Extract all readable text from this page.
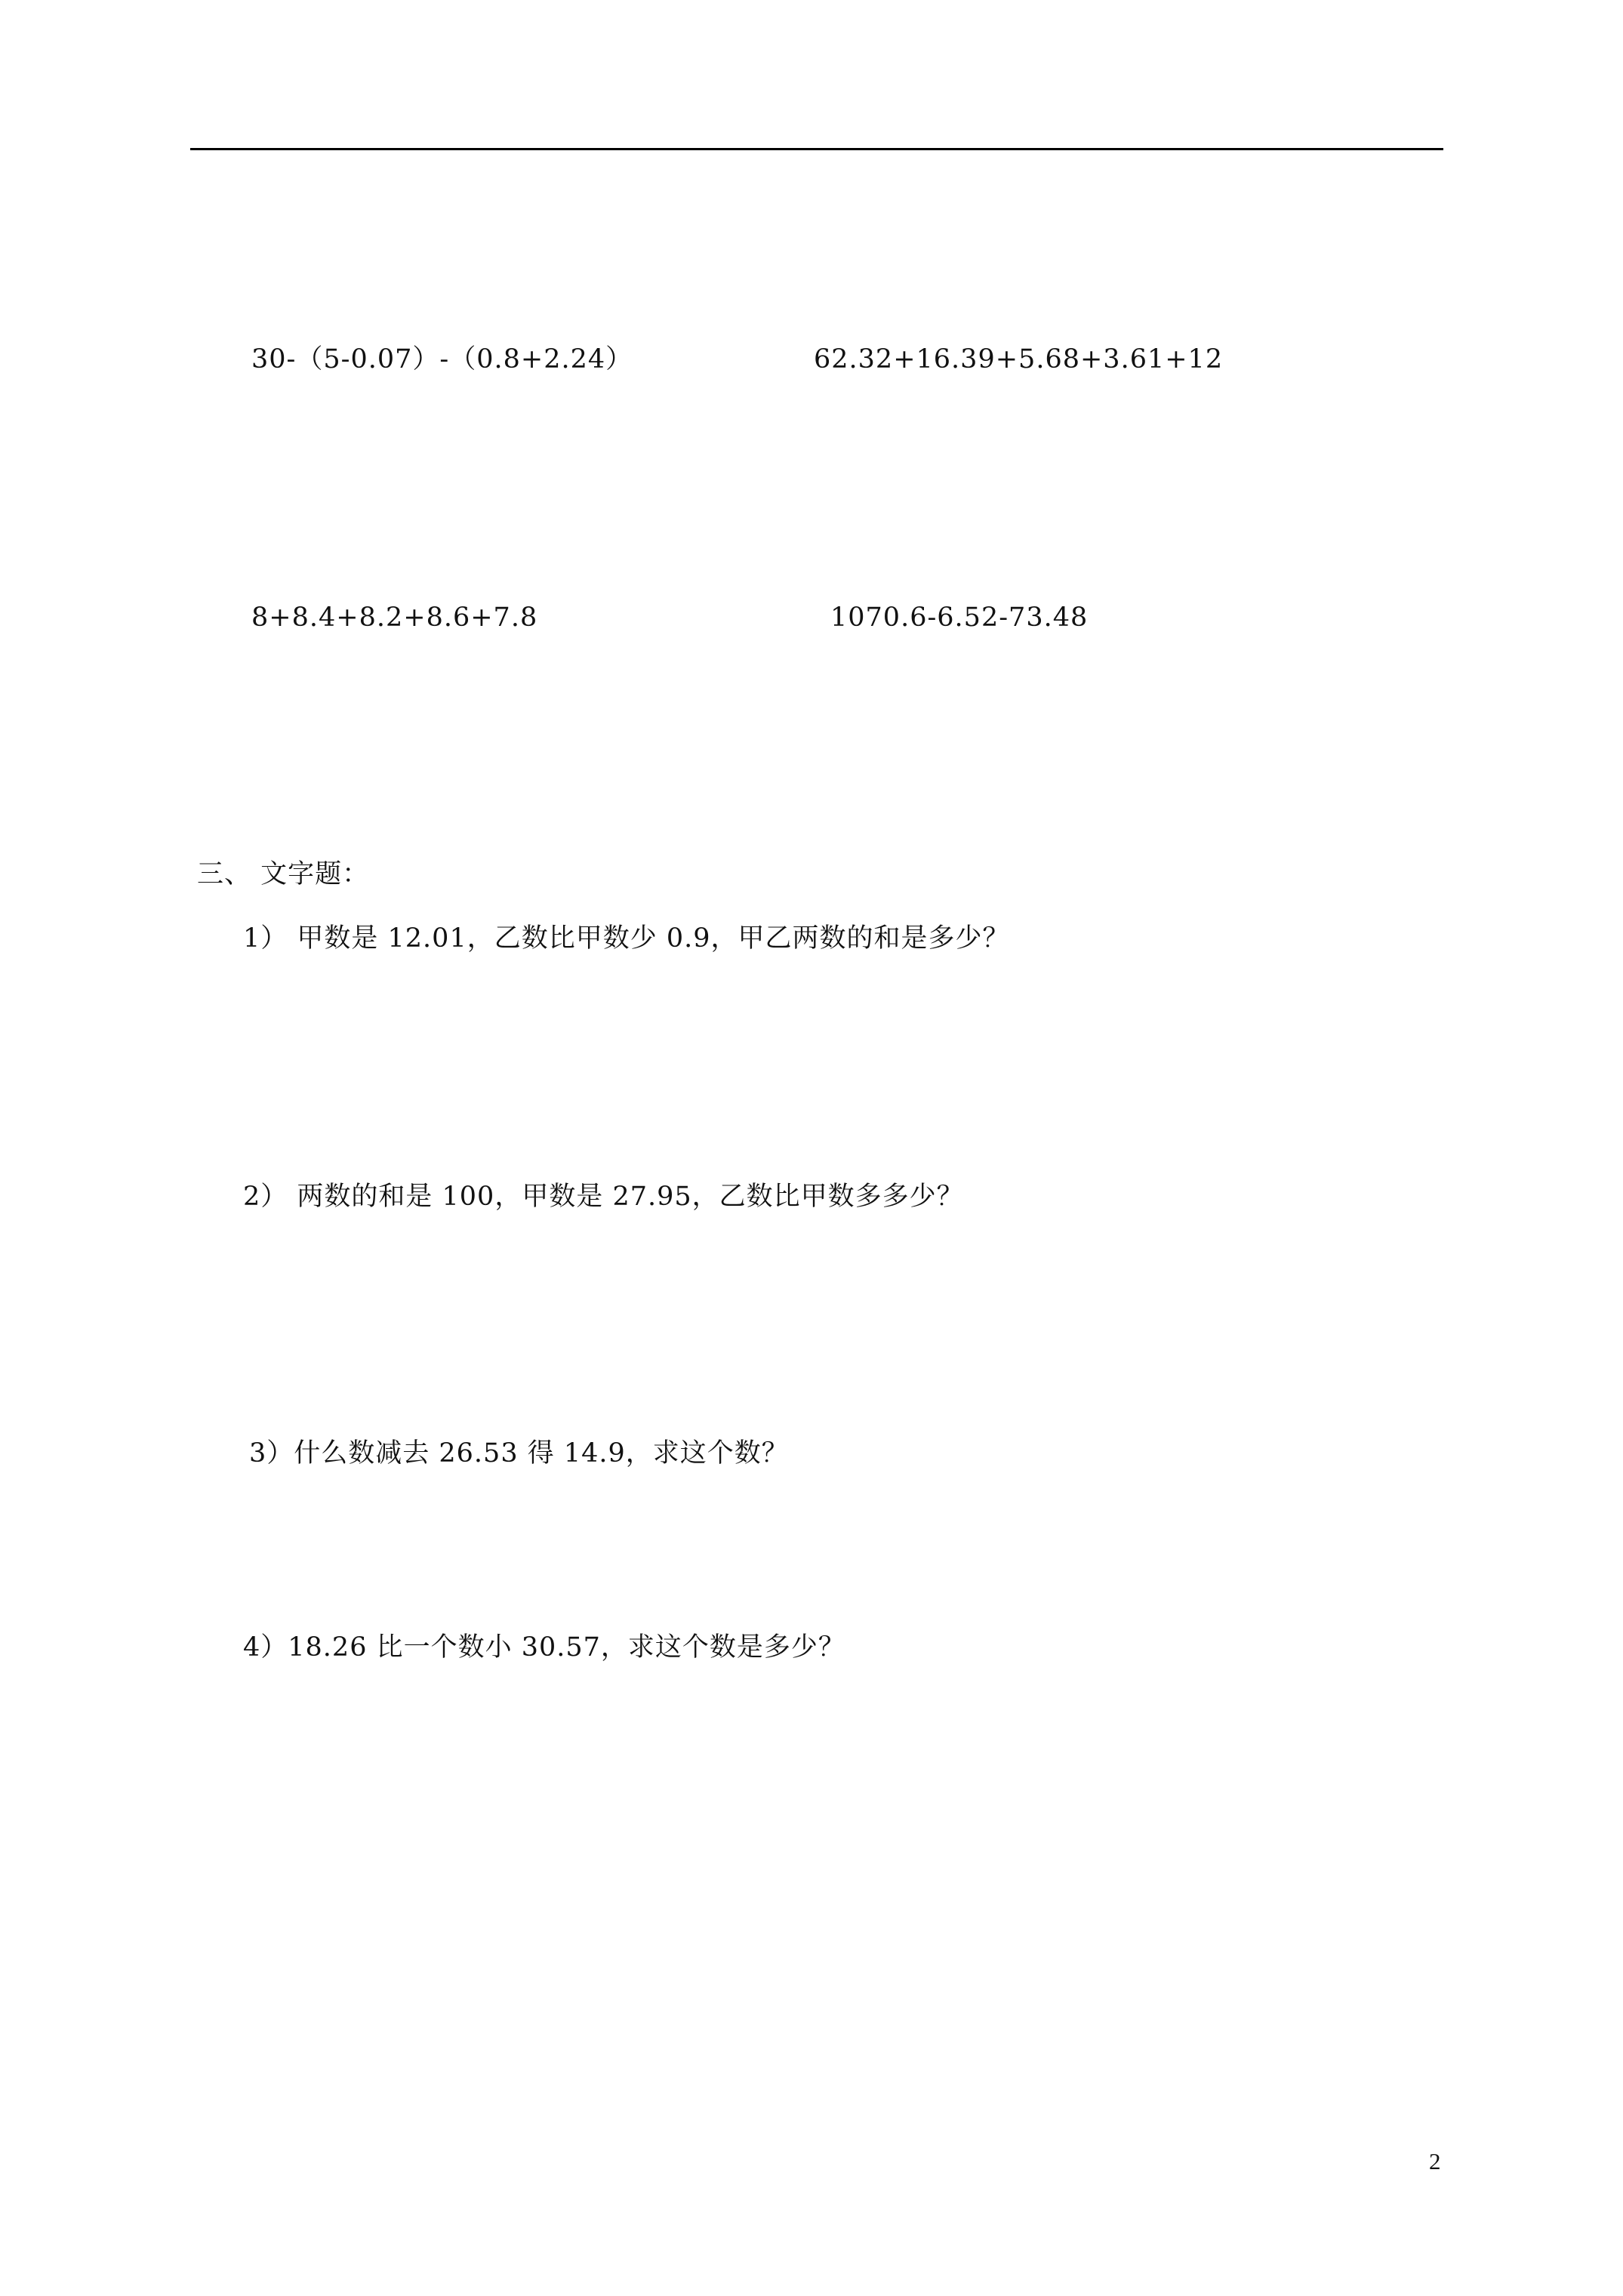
30-（5-0.07）-（0.8+2.24）	62.32+16.39+5.68+3.61+12
8+8.4+8.2+8.6+7.8	1070.6-6.52-73.48
三、 文字题：
1） 甲数是 12.01，乙数比甲数少 0.9，甲乙两数的和是多少？
2） 两数的和是 100，甲数是 27.95，乙数比甲数多多少？
3）什么数减去 26.53 得 14.9，求这个数？
4）18.26 比一个数小 30.57，求这个数是多少？
2
